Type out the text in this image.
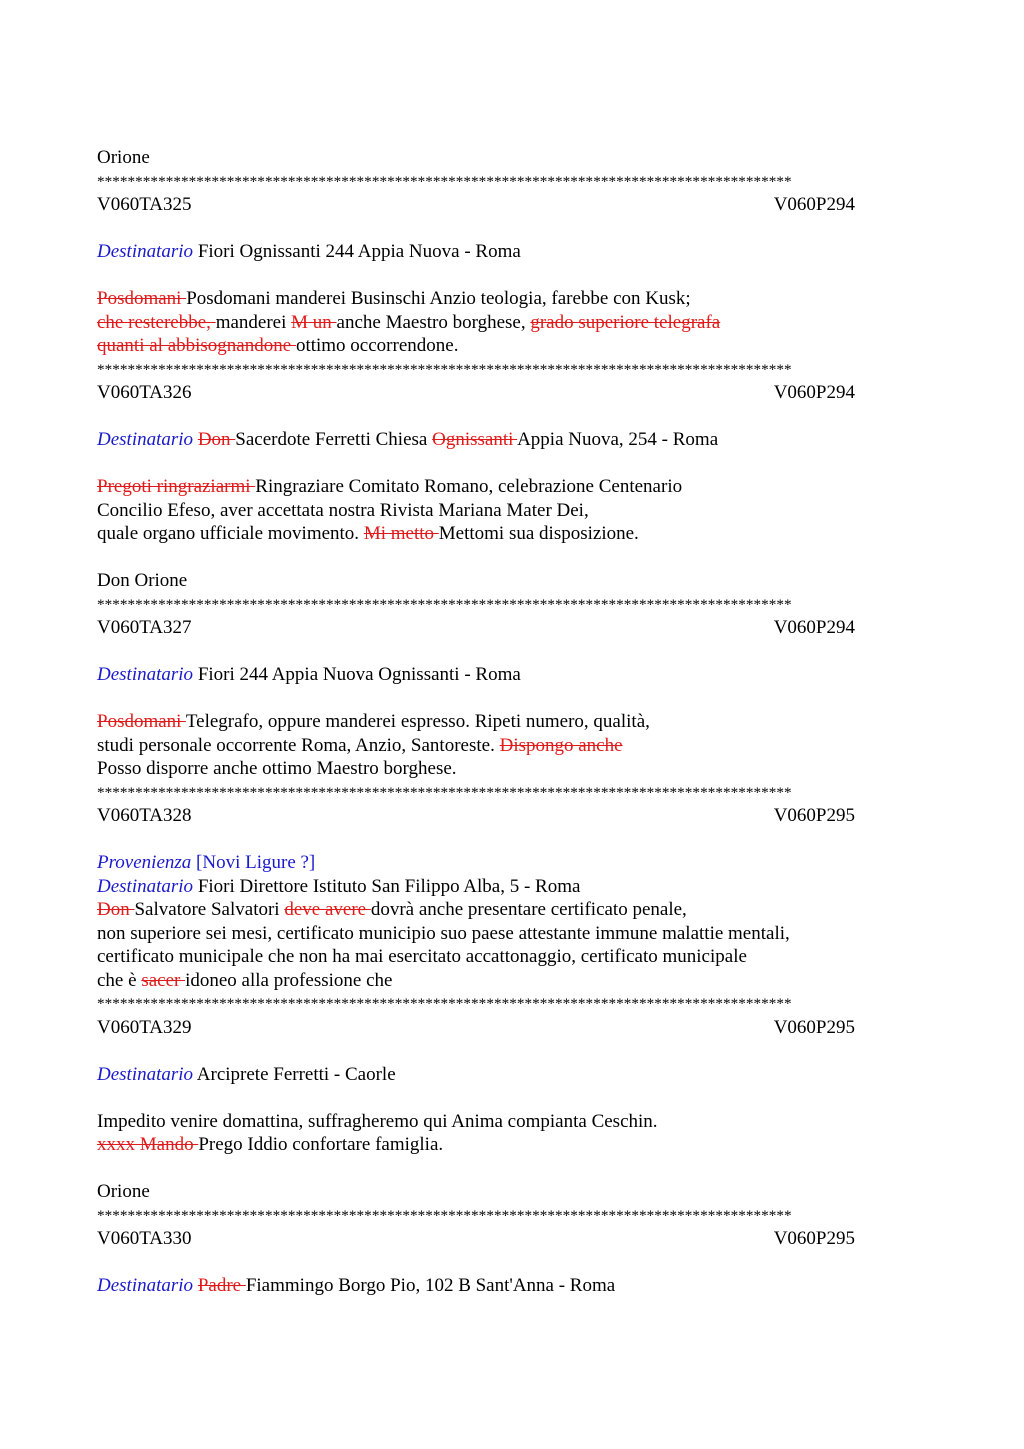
Orione
*******************************************************************************************
V060TA325	V060P294
Destinatario Fiori Ognissanti 244 Appia Nuova - Roma
Posdomani Posdomani manderei Businschi Anzio teologia, farebbe con Kusk;
che resterebbe, manderei M un anche Maestro borghese, grado superiore telegrafa
quanti al abbisognandone ottimo occorrendone.
*******************************************************************************************
V060TA326	V060P294
Destinatario Don Sacerdote Ferretti Chiesa Ognissanti Appia Nuova, 254 - Roma
Pregoti ringraziarmi Ringraziare Comitato Romano, celebrazione Centenario
Concilio Efeso, aver accettata nostra Rivista Mariana Mater Dei,
quale organo ufficiale movimento. Mi metto Mettomi sua disposizione.
Don Orione
*******************************************************************************************
V060TA327	V060P294
Destinatario Fiori 244 Appia Nuova Ognissanti - Roma
Posdomani Telegrafo, oppure manderei espresso. Ripeti numero, qualità,
studi personale occorrente Roma, Anzio, Santoreste. Dispongo anche
Posso disporre anche ottimo Maestro borghese.
*******************************************************************************************
V060TA328	V060P295
Provenienza [Novi Ligure ?]
Destinatario Fiori Direttore Istituto San Filippo Alba, 5 - Roma
Don Salvatore Salvatori deve avere dovrà anche presentare certificato penale,
non superiore sei mesi, certificato municipio suo paese attestante immune malattie mentali,
certificato municipale che non ha mai esercitato accattonaggio, certificato municipale
che è sacer idoneo alla professione che
*******************************************************************************************
V060TA329	V060P295
Destinatario Arciprete Ferretti - Caorle
Impedito venire domattina, suffragheremo qui Anima compianta Ceschin.
xxxx Mando Prego Iddio confortare famiglia.
Orione
*******************************************************************************************
V060TA330	V060P295
Destinatario Padre Fiammingo Borgo Pio, 102 B Sant'Anna - Roma
